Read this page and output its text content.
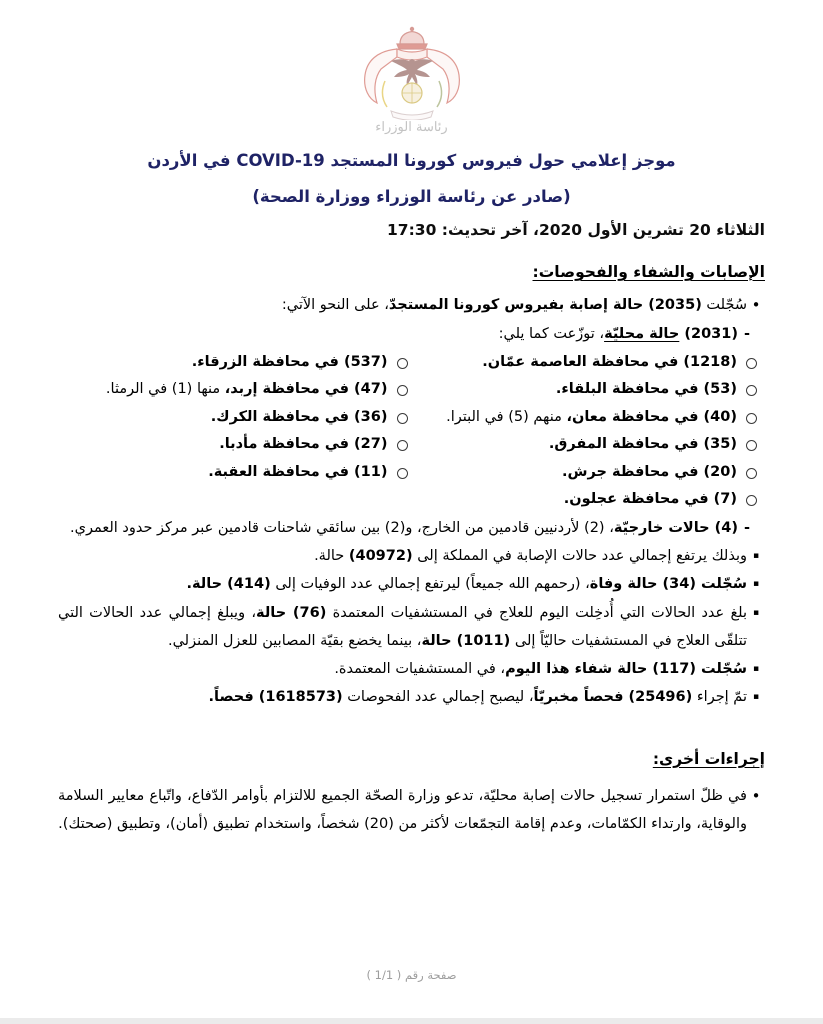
رئاسة الوزراء
موجز إعلامي حول فيروس كورونا المستجد COVID-19 في الأردن
(صادر عن رئاسة الوزراء ووزارة الصحة)
الثلاثاء 20 تشرين الأول 2020، آخر تحديث: 17:30
الإصابات والشفاء والفحوصات:
•
سُجّلت (2035) حالة إصابة بفيروس كورونا المستجدّ، على النحو الآتي:
-
(2031) حالة محليّة، توزّعت كما يلي:
(1218) في محافظة العاصمة عمّان.
(537) في محافظة الزرقاء.
(53) في محافظة البلقاء.
(47) في محافظة إربد، منها (1) في الرمثا.
(40) في محافظة معان، منهم (5) في البترا.
(36) في محافظة الكرك.
(35) في محافظة المفرق.
(27) في محافظة مأدبا.
(20) في محافظة جرش.
(11) في محافظة العقبة.
(7) في محافظة عجلون.
-
(4) حالات خارجيّة، (2) لأردنيين قادمين من الخارج، و(2) بين سائقي شاحنات قادمين عبر مركز حدود العمري.
▪
وبذلك يرتفع إجمالي عدد حالات الإصابة في المملكة إلى (40972) حالة.
▪
سُجّلت (34) حالة وفاة، (رحمهم الله جميعاً) ليرتفع إجمالي عدد الوفيات إلى (414) حالة.
▪
بلغ عدد الحالات التي أُدخِلت اليوم للعلاج في المستشفيات المعتمدة (76) حالة، ويبلغ إجمالي عدد الحالات التي تتلقّى العلاج في المستشفيات حاليّاً إلى (1011) حالة، بينما يخضع بقيّة المصابين للعزل المنزلي.
▪
سُجّلت (117) حالة شفاء هذا اليوم، في المستشفيات المعتمدة.
▪
تمّ إجراء (25496) فحصاً مخبريّاً، ليصبح إجمالي عدد الفحوصات (1618573) فحصاً.
إجراءات أخرى:
•
في ظلّ استمرار تسجيل حالات إصابة محليّة، تدعو وزارة الصحّة الجميع للالتزام بأوامر الدّفاع، واتّباع معايير السلامة والوقاية، وارتداء الكمّامات، وعدم إقامة التجمّعات لأكثر من (20) شخصاً، واستخدام تطبيق (أمان)، وتطبيق (صحتك).
صفحة رقم ( 1/1 )
